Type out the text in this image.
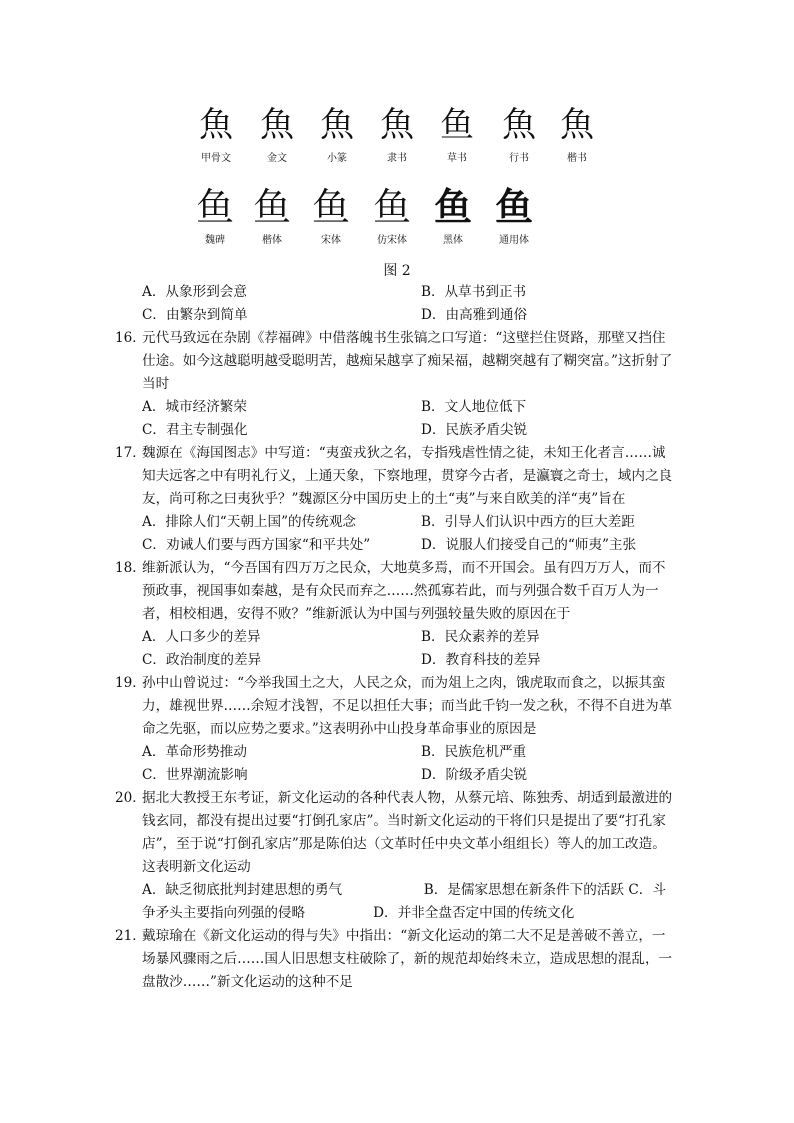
魚
甲骨文
魚
金文
魚
小篆
魚
隶书
鱼
草书
魚
行书
魚
楷书
鱼
魏碑
鱼
楷体
鱼
宋体
鱼
仿宋体
鱼
黑体
鱼
通用体
图 2
A．从象形到会意	B．从草书到正书
C．由繁杂到简单	D．由高雅到通俗
16．元代马致远在杂剧《荐福碑》中借落魄书生张镐之口写道：“这壁拦住贤路，那壁又挡住仕途。如今这越聪明越受聪明苦，越痴呆越享了痴呆福，越糊突越有了糊突富。”这折射了当时
A．城市经济繁荣	B．文人地位低下
C．君主专制强化	D．民族矛盾尖锐
17．魏源在《海国图志》中写道：“夷蛮戎狄之名，专指残虐性情之徒，未知王化者言……诚知夫远客之中有明礼行义，上通天象，下察地理，贯穿今古者，是瀛寰之奇士，域内之良友，尚可称之曰夷狄乎？”魏源区分中国历史上的土“夷”与来自欧美的洋“夷”旨在
A．排除人们“天朝上国”的传统观念	B．引导人们认识中西方的巨大差距
C．劝诫人们要与西方国家“和平共处”	D．说服人们接受自己的“师夷”主张
18．维新派认为，“今吾国有四万万之民众，大地莫多焉，而不开国会。虽有四万万人，而不预政事，视国事如秦越，是有众民而弃之……然孤寡若此，而与列强合数千百万人为一者，相校相遇，安得不败？”维新派认为中国与列强较量失败的原因在于
A．人口多少的差异	B．民众素养的差异
C．政治制度的差异	D．教育科技的差异
19．孙中山曾说过：“今举我国土之大，人民之众，而为俎上之肉，饿虎取而食之，以振其蛮力，雄视世界……余短才浅智，不足以担任大事；而当此千钧一发之秋，不得不自进为革命之先驱，而以应势之要求。”这表明孙中山投身革命事业的原因是
A．革命形势推动	B．民族危机严重
C．世界潮流影响	D．阶级矛盾尖锐
20．据北大教授王东考证，新文化运动的各种代表人物，从蔡元培、陈独秀、胡适到最激进的钱玄同，都没有提出过要“打倒孔家店”。当时新文化运动的干将们只是提出了要“打孔家店”，至于说“打倒孔家店”那是陈伯达（文革时任中央文革小组组长）等人的加工改造。这表明新文化运动
A．缺乏彻底批判封建思想的勇气　　　　　　	B．是儒家思想在新条件下的活跃 C．斗争矛头主要指向列强的侵略　　　　　	D．并非全盘否定中国的传统文化
21．戴琼瑜在《新文化运动的得与失》中指出：“新文化运动的第二大不足是善破不善立，一场暴风骤雨之后……国人旧思想支柱破除了，新的规范却始终未立，造成思想的混乱，一盘散沙……”新文化运动的这种不足
